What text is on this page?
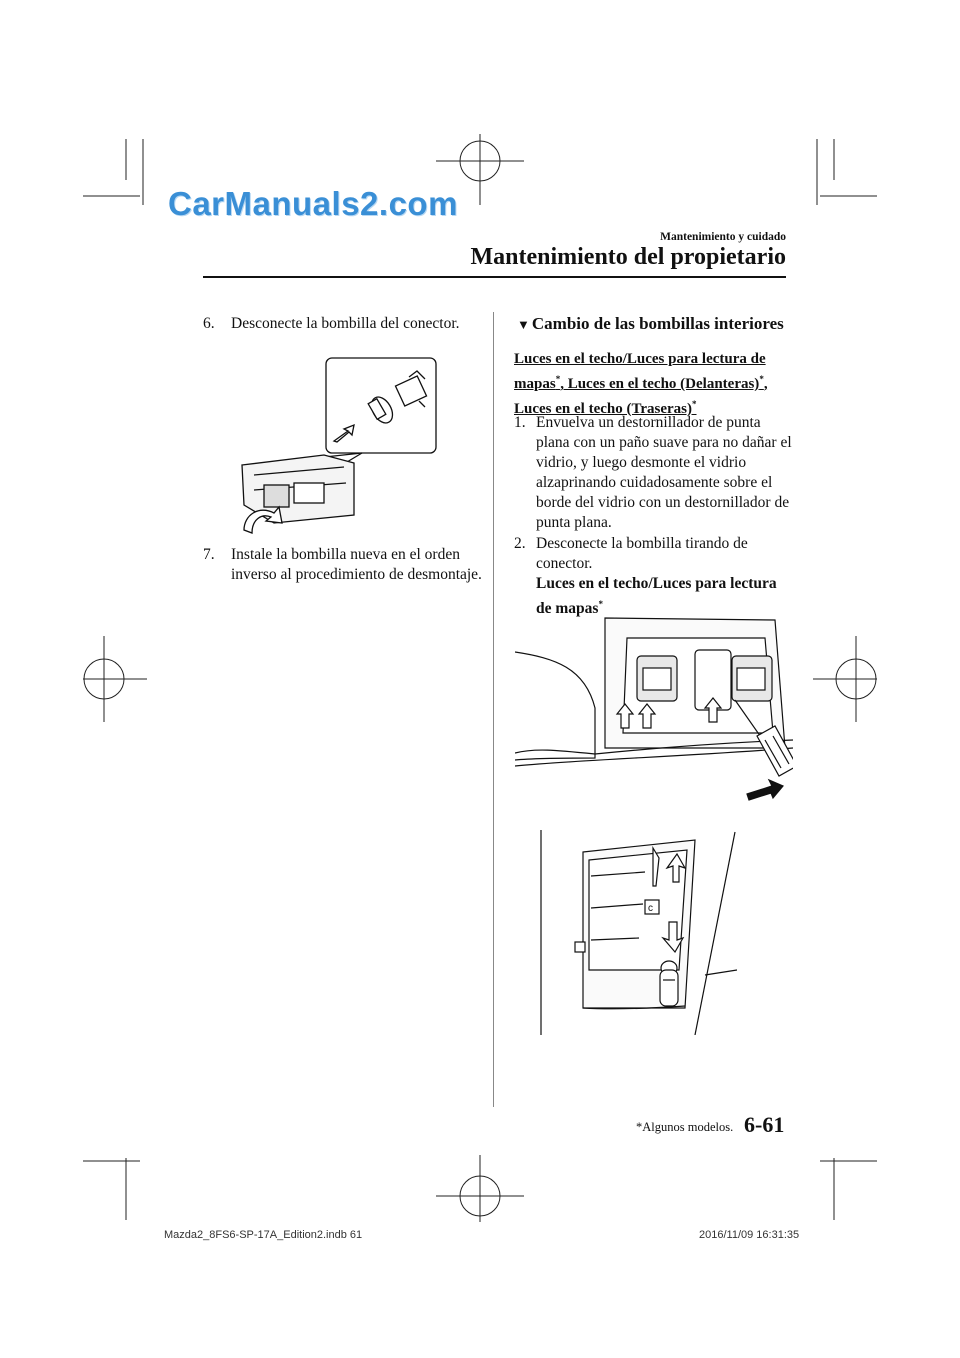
CarManuals2.com
Mantenimiento y cuidado
Mantenimiento del propietario
6. Desconecte la bombilla del conector.
7. Instale la bombilla nueva en el orden inverso al procedimiento de desmontaje.
▼ Cambio de las bombillas interiores
Luces en el techo/Luces para lectura de mapas*, Luces en el techo (Delanteras)*, Luces en el techo (Traseras)*
1. Envuelva un destornillador de punta plana con un paño suave para no dañar el vidrio, y luego desmonte el vidrio alzaprinando cuidadosamente sobre el borde del vidrio con un destornillador de punta plana.
2. Desconecte la bombilla tirando de conector.
Luces en el techo/Luces para lectura de mapas*
c
*Algunos modelos. 6-61
Mazda2_8FS6-SP-17A_Edition2.indb 61	2016/11/09 16:31:35
